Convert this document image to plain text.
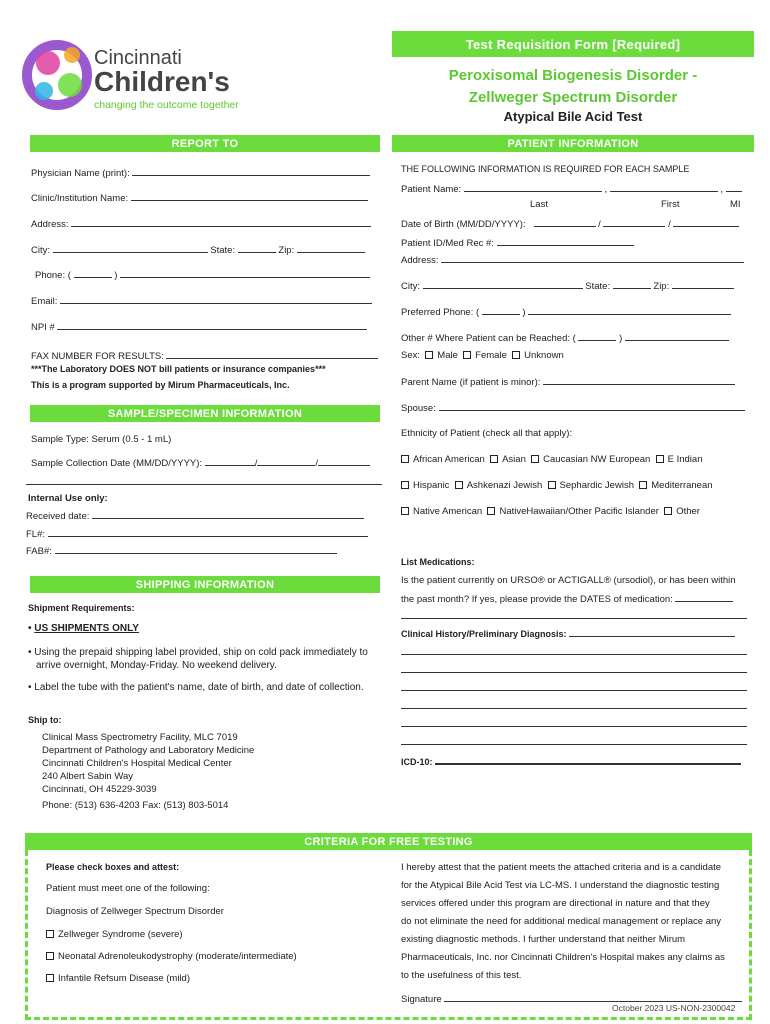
Cincinnati
Children's
changing the outcome together
Test Requisition Form [Required]
Peroxisomal Biogenesis Disorder -
Zellweger Spectrum Disorder
Atypical Bile Acid Test
REPORT TO
Physician Name (print):
Clinic/Institution Name:
Address:
City:	State:	Zip:
Phone: (	)
Email:
NPI #
FAX NUMBER FOR RESULTS:
***The Laboratory DOES NOT bill patients or insurance companies***
This is a program supported by Mirum Pharmaceuticals, Inc.
SAMPLE/SPECIMEN INFORMATION
Sample Type: Serum (0.5 - 1 mL)
Sample Collection Date (MM/DD/YYYY):	/	/
Internal Use only:
Received date:
FL#:
FAB#:
SHIPPING INFORMATION
Shipment Requirements:
• US SHIPMENTS ONLY
• Using the prepaid shipping label provided, ship on cold pack immediately to
arrive overnight, Monday-Friday. No weekend delivery.
• Label the tube with the patient's name, date of birth, and date of collection.
Ship to:
Clinical Mass Spectrometry Facility, MLC 7019
Department of Pathology and Laboratory Medicine
Cincinnati Children's Hospital Medical Center
240 Albert Sabin Way
Cincinnati, OH 45229-3039
Phone: (513) 636-4203 Fax: (513) 803-5014
PATIENT INFORMATION
THE FOLLOWING INFORMATION IS REQUIRED FOR EACH SAMPLE
Patient Name:	,	,
Last	First	MI
Date of Birth (MM/DD/YYYY):	/	/
Patient ID/Med Rec #:
Address:
City:	State:	Zip:
Preferred Phone: (	)
Other # Where Patient can be Reached: (	)
Sex: Male Female Unknown
Parent Name (if patient is minor):
Spouse:
Ethnicity of Patient (check all that apply):
African American Asian Caucasian NW European E Indian
Hispanic Ashkenazi Jewish Sephardic Jewish Mediterranean
Native American NativeHawaiian/Other Pacific Islander Other
List Medications:
Is the patient currently on URSO® or ACTIGALL® (ursodiol), or has been within
the past month? If yes, please provide the DATES of medication:
Clinical History/Preliminary Diagnosis:
ICD-10:
CRITERIA FOR FREE TESTING
Please check boxes and attest:
Patient must meet one of the following:
Diagnosis of Zellweger Spectrum Disorder
Zellweger Syndrome (severe)
Neonatal Adrenoleukodystrophy (moderate/intermediate)
Infantile Refsum Disease (mild)
I hereby attest that the patient meets the attached criteria and is a candidate
for the Atypical Bile Acid Test via LC-MS. I understand the diagnostic testing
services offered under this program are directional in nature and that they
do not eliminate the need for additional medical management or replace any
existing diagnostic methods. I further understand that neither Mirum
Pharmaceuticals, Inc. nor Cincinnati Children's Hospital makes any claims as
to the usefulness of this test.
Signature
October 2023 US-NON-2300042
